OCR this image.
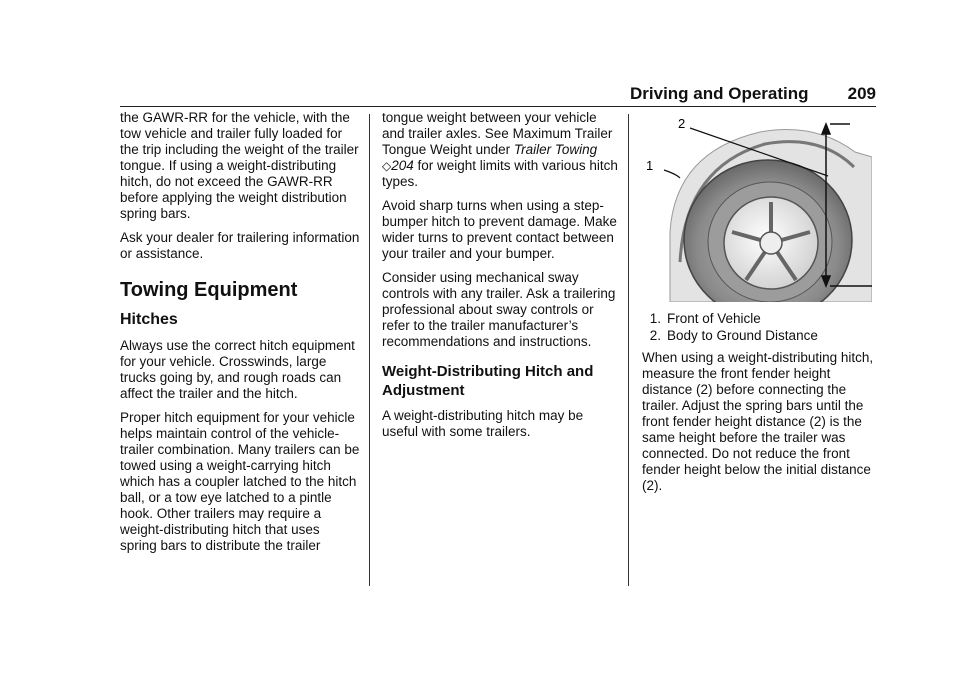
Driving and Operating 209

the GAWR-RR for the vehicle, with the tow vehicle and trailer fully loaded for the trip including the weight of the trailer tongue. If using a weight-distributing hitch, do not exceed the GAWR-RR before applying the weight distribution spring bars.

Ask your dealer for trailering information or assistance.

Towing Equipment
Hitches

Always use the correct hitch equipment for your vehicle. Crosswinds, large trucks going by, and rough roads can affect the trailer and the hitch.

Proper hitch equipment for your vehicle helps maintain control of the vehicle-trailer combination. Many trailers can be towed using a weight-carrying hitch which has a coupler latched to the hitch ball, or a tow eye latched to a pintle hook. Other trailers may require a weight-distributing hitch that uses spring bars to distribute the trailer

tongue weight between your vehicle and trailer axles. See Maximum Trailer Tongue Weight under Trailer Towing ◇204 for weight limits with various hitch types.

Avoid sharp turns when using a step-bumper hitch to prevent damage. Make wider turns to prevent contact between your trailer and your bumper.

Consider using mechanical sway controls with any trailer. Ask a trailering professional about sway controls or refer to the trailer manufacturer’s recommendations and instructions.

Weight-Distributing Hitch and Adjustment

A weight-distributing hitch may be useful with some trailers.

2
1
1. Front of Vehicle
2. Body to Ground Distance

When using a weight-distributing hitch, measure the front fender height distance (2) before connecting the trailer. Adjust the spring bars until the front fender height distance (2) is the same height before the trailer was connected. Do not reduce the front fender height below the initial distance (2).
